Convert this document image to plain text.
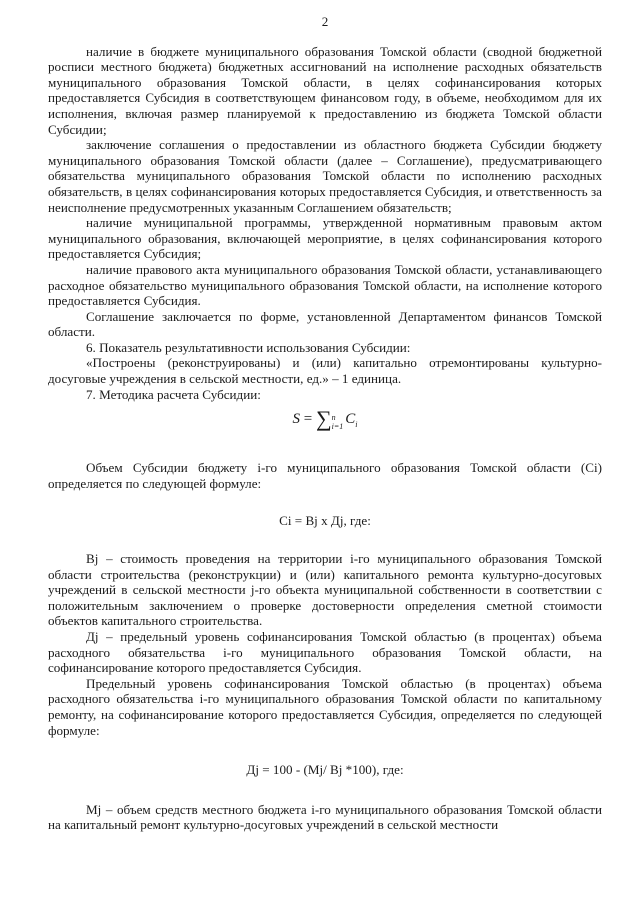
2

наличие в бюджете муниципального образования Томской области (сводной бюджетной росписи местного бюджета) бюджетных ассигнований на исполнение расходных обязательств муниципального образования Томской области, в целях софинансирования которых предоставляется Субсидия в соответствующем финансовом году, в объеме, необходимом для их исполнения, включая размер планируемой к предоставлению из бюджета Томской области Субсидии;

заключение соглашения о предоставлении из областного бюджета Субсидии бюджету муниципального образования Томской области (далее – Соглашение), предусматривающего обязательства муниципального образования Томской области по исполнению расходных обязательств, в целях софинансирования которых предоставляется Субсидия, и ответственность за неисполнение предусмотренных указанным Соглашением обязательств;

наличие муниципальной программы, утвержденной нормативным правовым актом муниципального образования, включающей мероприятие, в целях софинансирования которого предоставляется Субсидия;

наличие правового акта муниципального образования Томской области, устанавливающего расходное обязательство муниципального образования Томской области, на исполнение которого предоставляется Субсидия.

Соглашение заключается по форме, установленной Департаментом финансов Томской области.

6. Показатель результативности использования Субсидии:

«Построены (реконструированы) и (или) капитально отремонтированы культурно-досуговые учреждения в сельской местности, ед.» – 1 единица.

7. Методика расчета Субсидии:

S = ∑ n
i=1 $C_i$

Объем Субсидии бюджету i-го муниципального образования Томской области (Ci) определяется по следующей формуле:

Ci = Bj x Дj, где:

Bj – стоимость проведения на территории i-го муниципального образования Томской области строительства (реконструкции) и (или) капитального ремонта культурно-досуговых учреждений в сельской местности j-го объекта муниципальной собственности в соответствии с положительным заключением о проверке достоверности определения сметной стоимости объектов капитального строительства.

Дj – предельный уровень софинансирования Томской областью (в процентах) объема расходного обязательства i-го муниципального образования Томской области, на софинансирование которого предоставляется Субсидия.

Предельный уровень софинансирования Томской областью (в процентах) объема расходного обязательства i-го муниципального образования Томской области по капитальному ремонту, на софинансирование которого предоставляется Субсидия, определяется по следующей формуле:

Дj = 100 - (Mj/ Bj *100), где:

Mj – объем средств местного бюджета i-го муниципального образования Томской области на капитальный ремонт культурно-досуговых учреждений в сельской местности
